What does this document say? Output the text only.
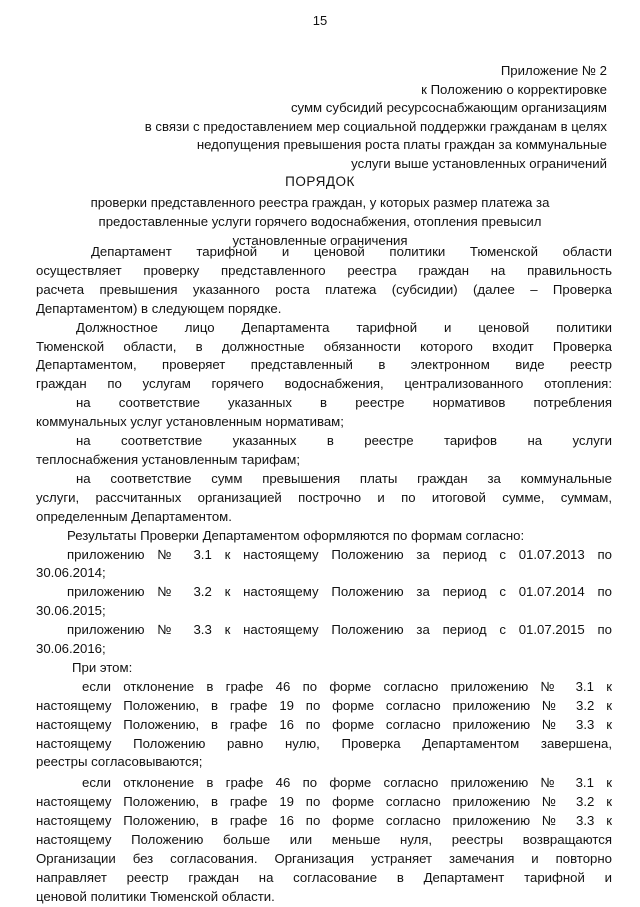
15
Приложение № 2
к Положению о корректировке
сумм субсидий ресурсоснабжающим организациям
в связи с предоставлением мер социальной поддержки гражданам в целях
недопущения превышения роста платы граждан за коммунальные
услуги выше установленных ограничений
ПОРЯДОК
проверки представленного реестра граждан, у которых размер платежа за
предоставленные услуги горячего водоснабжения, отопления превысил
установленные ограничения
Департамент тарифной и ценовой политики Тюменской области
осуществляет проверку представленного реестра граждан на правильность
расчета превышения указанного роста платежа (субсидии) (далее – Проверка
Департаментом) в следующем порядке.
Должностное лицо Департамента тарифной и ценовой политики
Тюменской области, в должностные обязанности которого входит Проверка
Департаментом, проверяет представленный в электронном виде реестр
граждан по услугам горячего водоснабжения, централизованного отопления:
на соответствие указанных в реестре нормативов потребления
коммунальных услуг установленным нормативам;
на соответствие указанных в реестре тарифов на услуги
теплоснабжения установленным тарифам;
на соответствие сумм превышения платы граждан за коммунальные
услуги, рассчитанных организацией построчно и по итоговой сумме, суммам,
определенным Департаментом.
Результаты Проверки Департаментом оформляются по формам согласно:
приложению № 3.1 к настоящему Положению за период с 01.07.2013 по
30.06.2014;
приложению № 3.2 к настоящему Положению за период с 01.07.2014 по
30.06.2015;
приложению № 3.3 к настоящему Положению за период с 01.07.2015 по
30.06.2016;
При этом:
если отклонение в графе 46 по форме согласно приложению № 3.1 к
настоящему Положению, в графе 19 по форме согласно приложению № 3.2 к
настоящему Положению, в графе 16 по форме согласно приложению № 3.3 к
настоящему Положению равно нулю, Проверка Департаментом завершена,
реестры согласовываются;
если отклонение в графе 46 по форме согласно приложению № 3.1 к
настоящему Положению, в графе 19 по форме согласно приложению № 3.2 к
настоящему Положению, в графе 16 по форме согласно приложению № 3.3 к
настоящему Положению больше или меньше нуля, реестры возвращаются
Организации без согласования. Организация устраняет замечания и повторно
направляет реестр граждан на согласование в Департамент тарифной и
ценовой политики Тюменской области.
